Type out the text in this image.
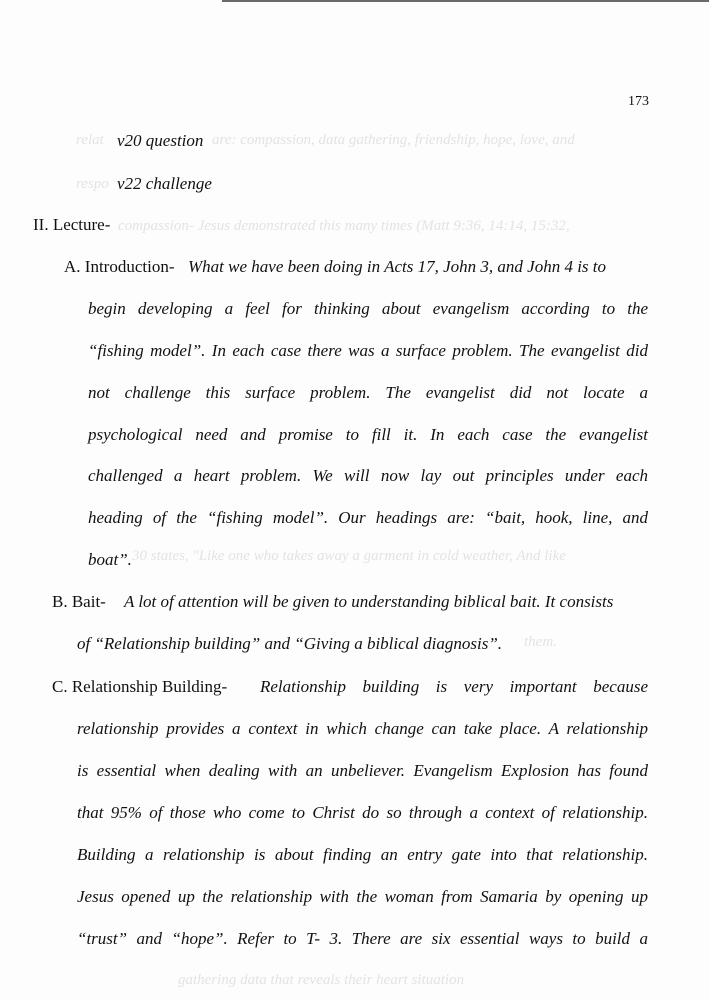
relat	are: compassion, data gathering, friendship, hope, love, and
respo
compassion- Jesus demonstrated this many times (Matt 9:36, 14:14, 15:32,
30 states, "Like one who takes away a garment in cold weather, And like
them.
gathering data that reveals their heart situation
173
v20 question
v22 challenge
II. Lecture-
A. Introduction- What we have been doing in Acts 17, John 3, and John 4 is to
begin developing a feel for thinking about evangelism according to the
“fishing model”. In each case there was a surface problem. The evangelist did
not challenge this surface problem. The evangelist did not locate a
psychological need and promise to fill it. In each case the evangelist
challenged a heart problem. We will now lay out principles under each
heading of the “fishing model”. Our headings are: “bait, hook, line, and
boat”.
B. Bait- A lot of attention will be given to understanding biblical bait. It consists
of “Relationship building” and “Giving a biblical diagnosis”.
C. Relationship Building- Relationship building is very important because
relationship provides a context in which change can take place. A relationship
is essential when dealing with an unbeliever. Evangelism Explosion has found
that 95% of those who come to Christ do so through a context of relationship.
Building a relationship is about finding an entry gate into that relationship.
Jesus opened up the relationship with the woman from Samaria by opening up
“trust” and “hope”. Refer to T- 3. There are six essential ways to build a
